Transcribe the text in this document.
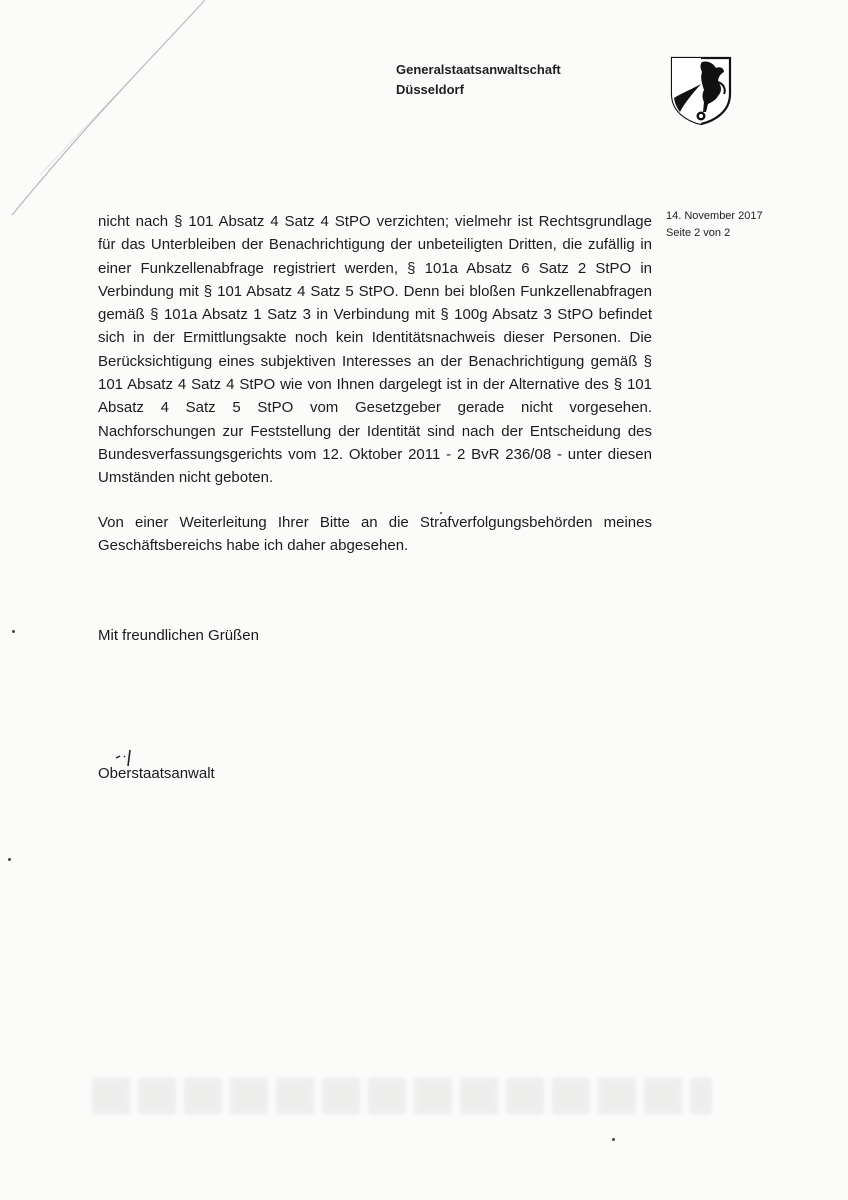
Generalstaatsanwaltschaft
Düsseldorf
14. November 2017
Seite 2 von 2

nicht nach § 101 Absatz 4 Satz 4 StPO verzichten; vielmehr ist Rechtsgrundlage für das Unterbleiben der Benachrichtigung der unbeteiligten Dritten, die zufällig in einer Funkzellenabfrage registriert werden, § 101a Absatz 6 Satz 2 StPO in Verbindung mit § 101 Absatz 4 Satz 5 StPO. Denn bei bloßen Funkzellenabfragen gemäß § 101a Absatz 1 Satz 3 in Verbindung mit § 100g Absatz 3 StPO befindet sich in der Ermittlungsakte noch kein Identitätsnachweis dieser Personen. Die Berücksichtigung eines subjektiven Interesses an der Benachrichtigung gemäß § 101 Absatz 4 Satz 4 StPO wie von Ihnen dargelegt ist in der Alternative des § 101 Absatz 4 Satz 5 StPO vom Gesetzgeber gerade nicht vorgesehen. Nachforschungen zur Feststellung der Identität sind nach der Entscheidung des Bundesverfassungsgerichts vom 12. Oktober 2011 - 2 BvR 236/08 - unter diesen Umständen nicht geboten.

Von einer Weiterleitung Ihrer Bitte an die Strafverfolgungsbehörden meines Geschäftsbereichs habe ich daher abgesehen.

Mit freundlichen Grüßen
Oberstaatsanwalt
